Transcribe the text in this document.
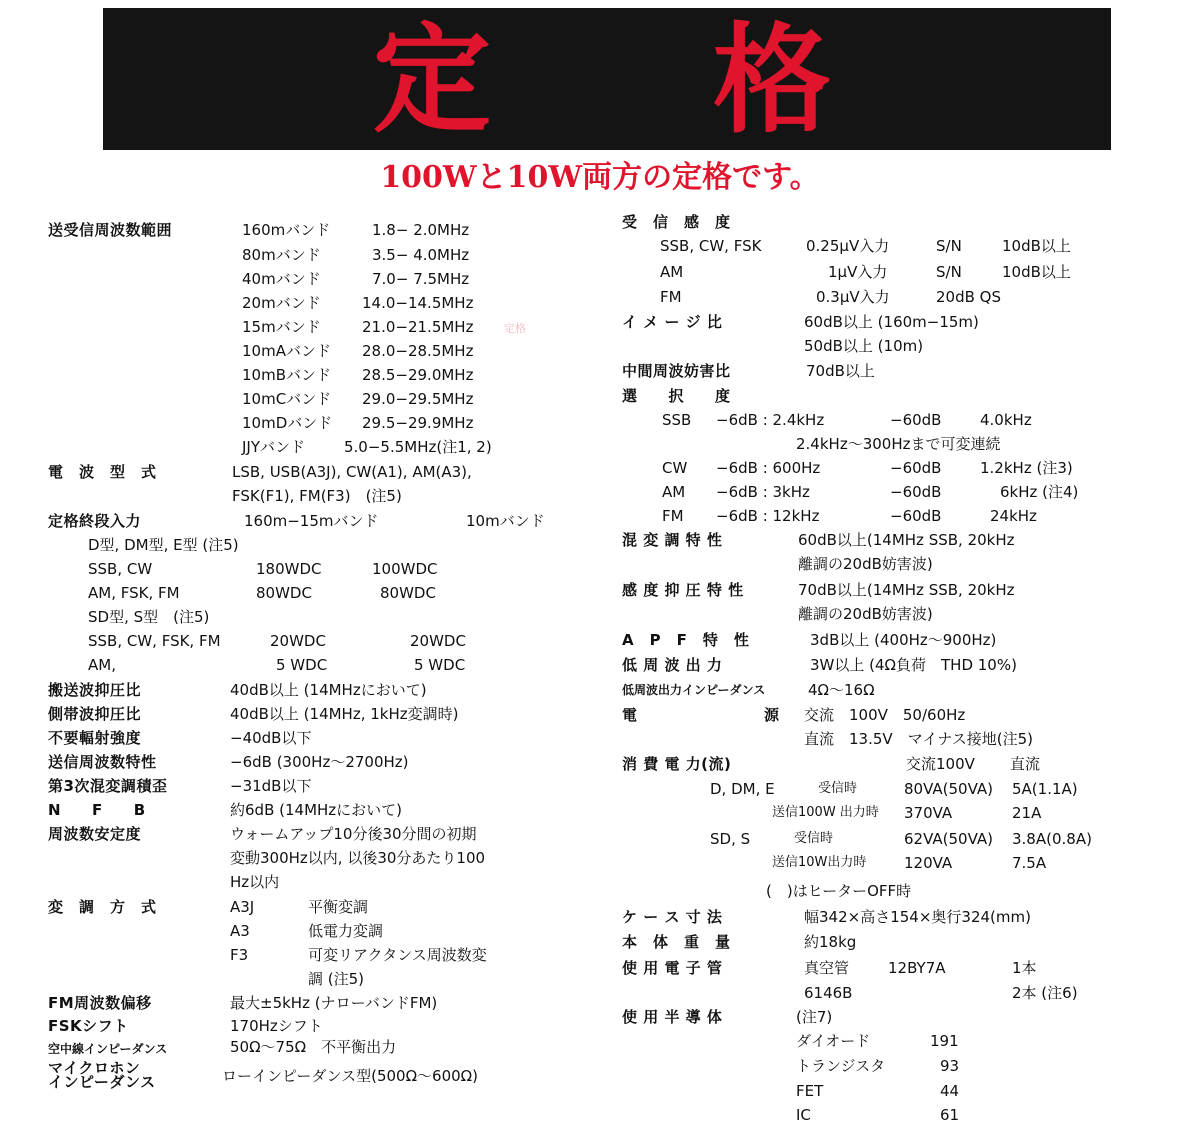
定 格
100Wと10W両方の定格です。
送受信周波数範囲	160mバンド	1.8− 2.0MHz
80mバンド	3.5− 4.0MHz
40mバンド	7.0− 7.5MHz
20mバンド	14.0−14.5MHz
15mバンド	21.0−21.5MHz	定格
10mAバンド 28.0−28.5MHz
10mBバンド 28.5−29.0MHz
10mCバンド 29.0−29.5MHz
10mDバンド 29.5−29.9MHz
JJYバンド	5.0−5.5MHz(注1, 2)
電　波　型　式	LSB, USB(A3J), CW(A1), AM(A3),
FSK(F1), FM(F3)　(注5)
定格終段入力	160m−15mバンド	10mバンド
D型, DM型, E型 (注5)
SSB, CW	180WDC	100WDC
AM, FSK, FM	80WDC	80WDC
SD型, S型　(注5)
SSB, CW, FSK, FM	20WDC	20WDC
AM,	5 WDC	5 WDC
搬送波抑圧比	40dB以上 (14MHzにおいて)
側帯波抑圧比	40dB以上 (14MHz, 1kHz変調時)
不要輻射強度	−40dB以下
送信周波数特性	−6dB (300Hz〜2700Hz)
第3次混変調積歪	−31dB以下
N　　F　　B	約6dB (14MHzにおいて)
周波数安定度	ウォームアップ10分後30分間の初期
変動300Hz以内, 以後30分あたり100
Hz以内
変　調　方　式	A3J	平衡変調
A3	低電力変調
F3	可変リアクタンス周波数変
調 (注5)
FM周波数偏移	最大±5kHz (ナローバンドFM)
FSKシフト	170Hzシフト
空中線インピーダンス	50Ω〜75Ω　不平衡出力
マイクロホン
インピーダンス	ローインピーダンス型(500Ω〜600Ω)
受　信　感　度
SSB, CW, FSK	0.25μV入力	S/N	10dB以上
AM	1μV入力	S/N	10dB以上
FM	0.3μV入力	20dB QS
イ メ ー ジ 比	60dB以上 (160m−15m)
50dB以上 (10m)
中間周波妨害比	70dB以上
選　　択　　度
SSB −6dB : 2.4kHz	−60dB	4.0kHz
2.4kHz〜300Hzまで可変連続
CW −6dB : 600Hz	−60dB	1.2kHz (注3)
AM −6dB : 3kHz	−60dB	6kHz (注4)
FM −6dB : 12kHz	−60dB	24kHz
混 変 調 特 性	60dB以上(14MHz SSB, 20kHz
離調の20dB妨害波)
感 度 抑 圧 特 性	70dB以上(14MHz SSB, 20kHz
離調の20dB妨害波)
A　P　F　特　性	3dB以上 (400Hz〜900Hz)
低 周 波 出 力	3W以上 (4Ω負荷　THD 10%)
低周波出力インピーダンス	4Ω〜16Ω
電	源 交流　100V　50/60Hz
直流　13.5V　マイナス接地(注5)
消 費 電 力(流)	交流100V 直流
D, DM, E	受信時	80VA(50VA) 5A(1.1A)
送信100W 出力時 370VA	21A
SD, S	受信時	62VA(50VA) 3.8A(0.8A)
送信10W出力時	120VA	7.5A
(　)はヒーターOFF時
ケ ー ス 寸 法	幅342×高さ154×奥行324(mm)
本　体　重　量	約18kg
使 用 電 子 管	真空管	12BY7A	1本
6146B	2本 (注6)
使 用 半 導 体	(注7)
ダイオード	191
トランジスタ	93
FET	44
IC	61
